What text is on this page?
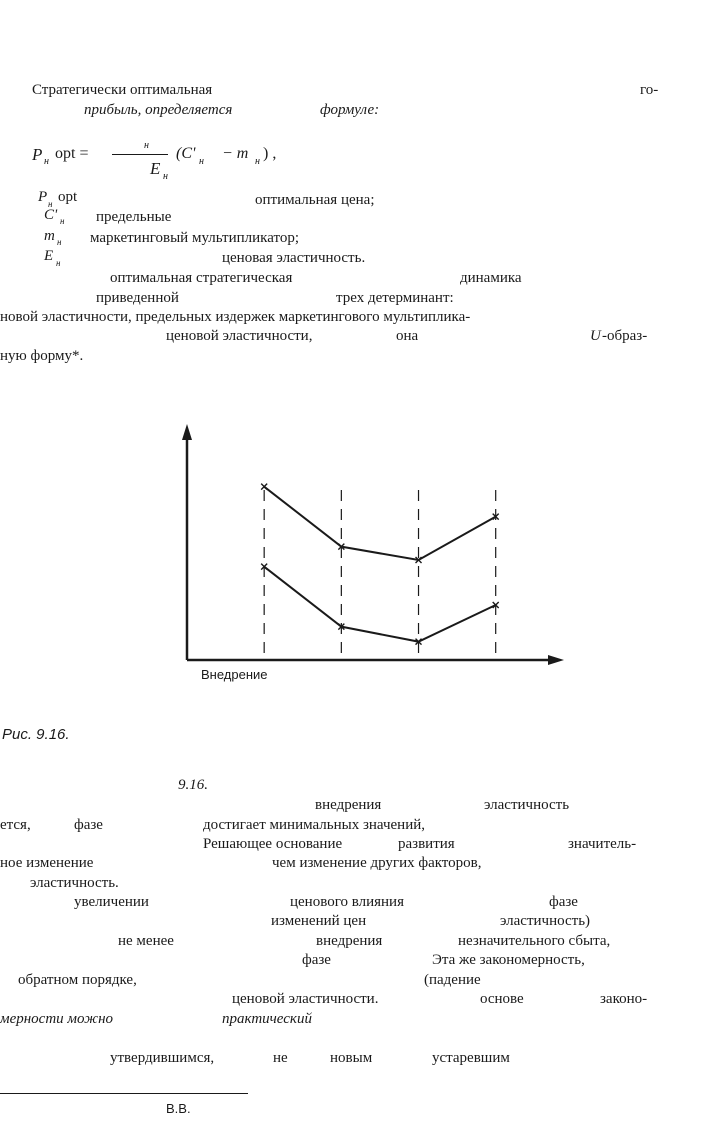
Стратегически оптимальная	го-
прибыль, определяется	формуле:
P н opt =	н
E н
(C' н − m н ) ,
P н opt	оптимальная цена;
C' н предельные
m н маркетинговый мультипликатор;
E н	ценовая эластичность.
оптимальная стратегическая	динамика
приведенной	трех детерминант:
новой эластичности, предельных издержек маркетингового мультиплика-
ценовой эластичности,	она	U -образ-
ную форму*.
Внедрение
Рис. 9.16.
9.16.
внедрения	эластичность
ется,	фазе	достигает минимальных значений,
Решающее основание	развития	значитель-
ное изменение	чем изменение других факторов,
эластичность.
увеличении	ценового влияния	фазе
изменений цен	эластичность)
не менее	внедрения	незначительного сбыта,
фазе	Эта же закономерность,
обратном порядке,	(падение
ценовой эластичности.	основе	законо-
мерности можно	практический
утвердившимся,	не	новым	устаревшим
В.В.
